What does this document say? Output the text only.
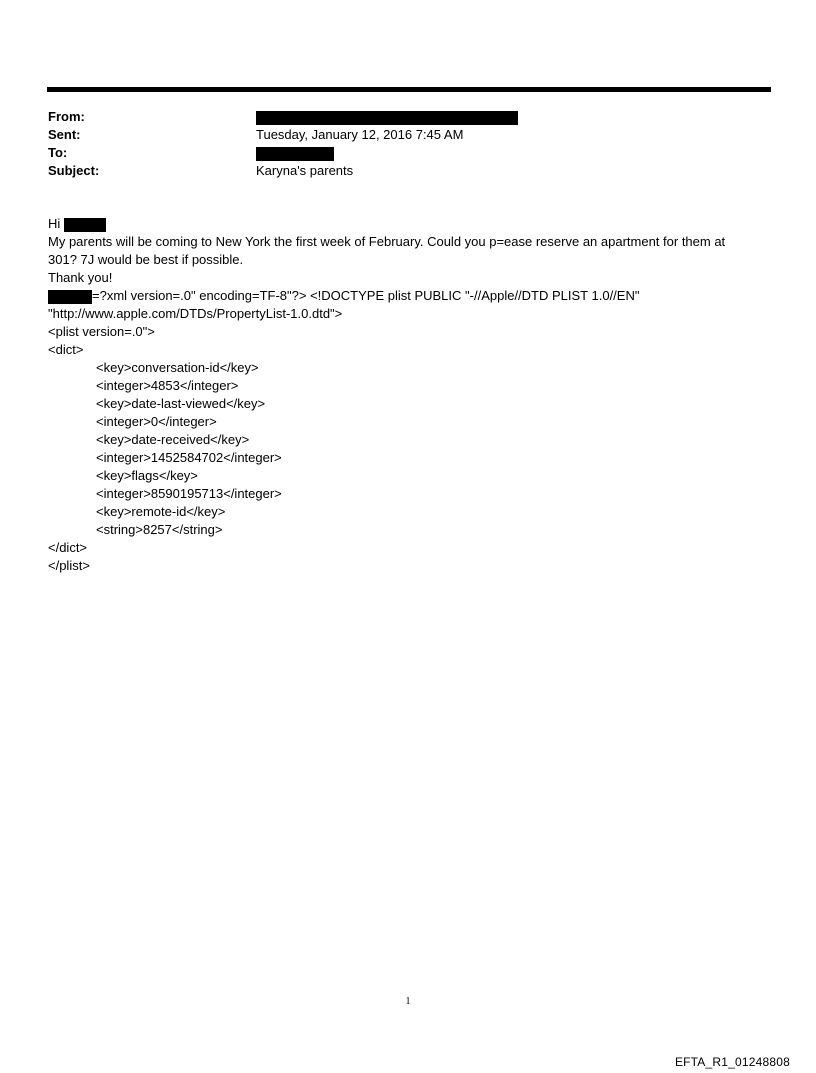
From:
Sent:	Tuesday, January 12, 2016 7:45 AM
To:
Subject:	Karyna's parents
Hi
My parents will be coming to New York the first week of February. Could you p=ease reserve an apartment for them at
301? 7J would be best if possible.
Thank you!
=?xml version=.0" encoding=TF-8"?> <!DOCTYPE plist PUBLIC "-//Apple//DTD PLIST 1.0//EN"
"http://www.apple.com/DTDs/PropertyList-1.0.dtd">
<plist version=.0">
<dict>
<key>conversation-id</key>
<integer>4853</integer>
<key>date-last-viewed</key>
<integer>0</integer>
<key>date-received</key>
<integer>1452584702</integer>
<key>flags</key>
<integer>8590195713</integer>
<key>remote-id</key>
<string>8257</string>
</dict>
</plist>
1
EFTA_R1_01248808
